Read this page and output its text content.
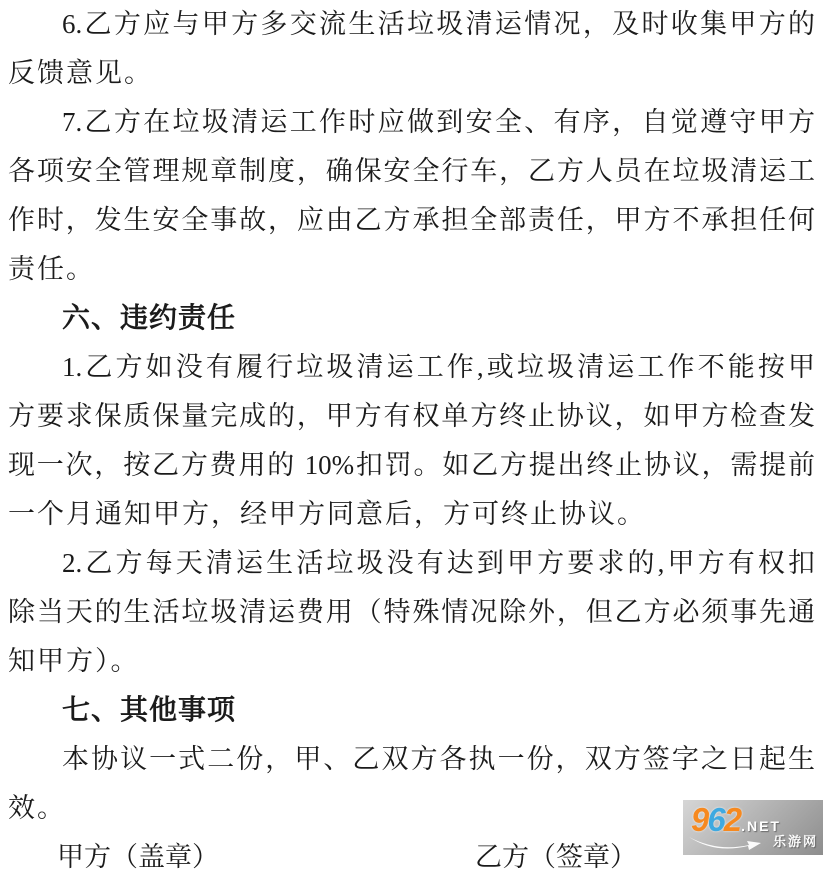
6.乙方应与甲方多交流生活垃圾清运情况，及时收集甲方的
反馈意见。
7.乙方在垃圾清运工作时应做到安全、有序，自觉遵守甲方
各项安全管理规章制度，确保安全行车，乙方人员在垃圾清运工
作时，发生安全事故，应由乙方承担全部责任，甲方不承担任何
责任。
六、违约责任
1.乙方如没有履行垃圾清运工作,或垃圾清运工作不能按甲
方要求保质保量完成的，甲方有权单方终止协议，如甲方检查发
现一次，按乙方费用的 10%扣罚。如乙方提出终止协议，需提前
一个月通知甲方，经甲方同意后，方可终止协议。
2.乙方每天清运生活垃圾没有达到甲方要求的,甲方有权扣
除当天的生活垃圾清运费用（特殊情况除外，但乙方必须事先通
知甲方）。
七、其他事项
本协议一式二份，甲、乙双方各执一份，双方签字之日起生
效。
甲方（盖章）	乙方（签章）
962 .NET
乐游网
